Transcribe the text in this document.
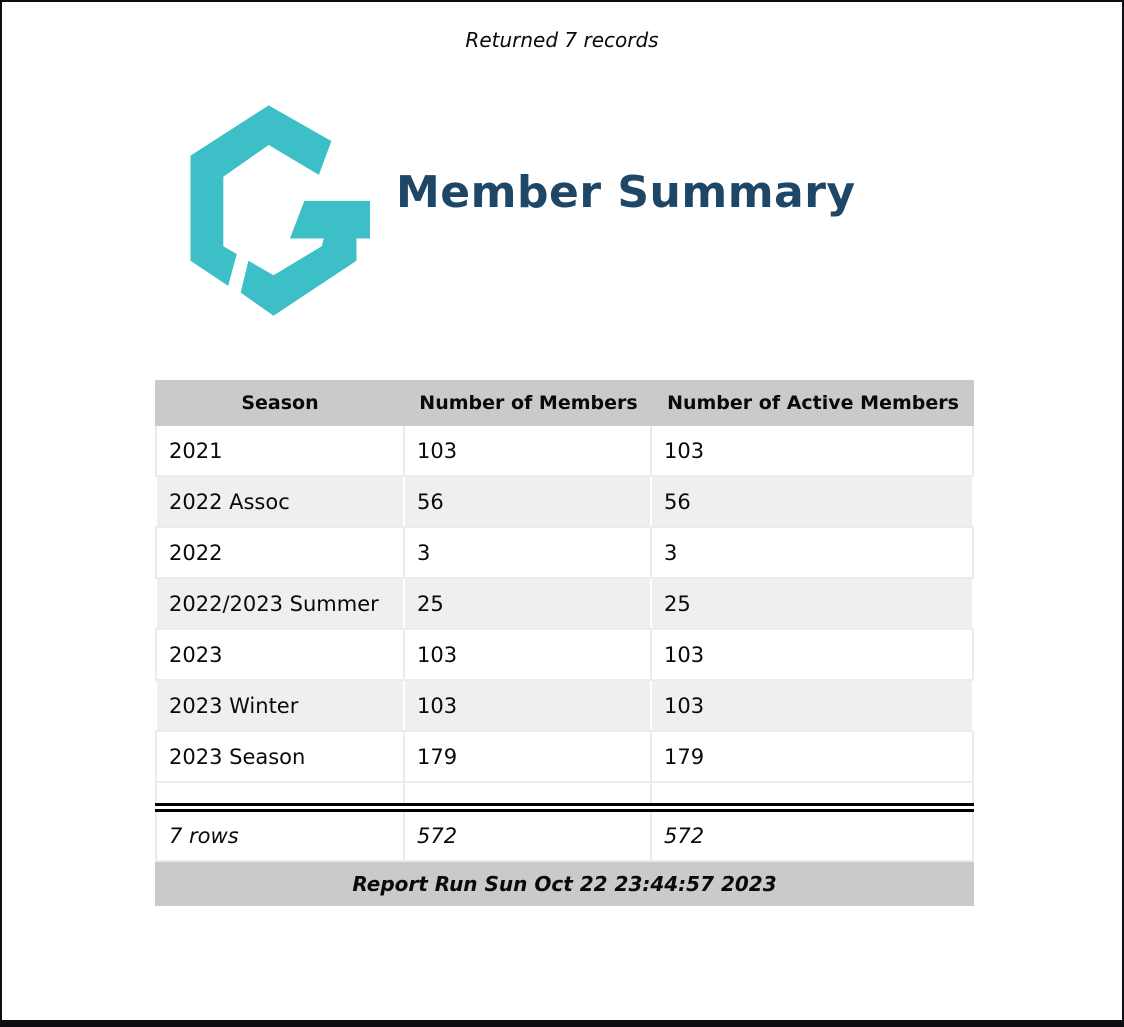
Returned 7 records
Member Summary
Season	Number of Members	Number of Active Members
2021	103	103
2022 Assoc	56	56
2022	3	3
2022/2023 Summer	25	25
2023	103	103
2023 Winter	103	103
2023 Season	179	179
7 rows	572	572
Report Run Sun Oct 22 23:44:57 2023
